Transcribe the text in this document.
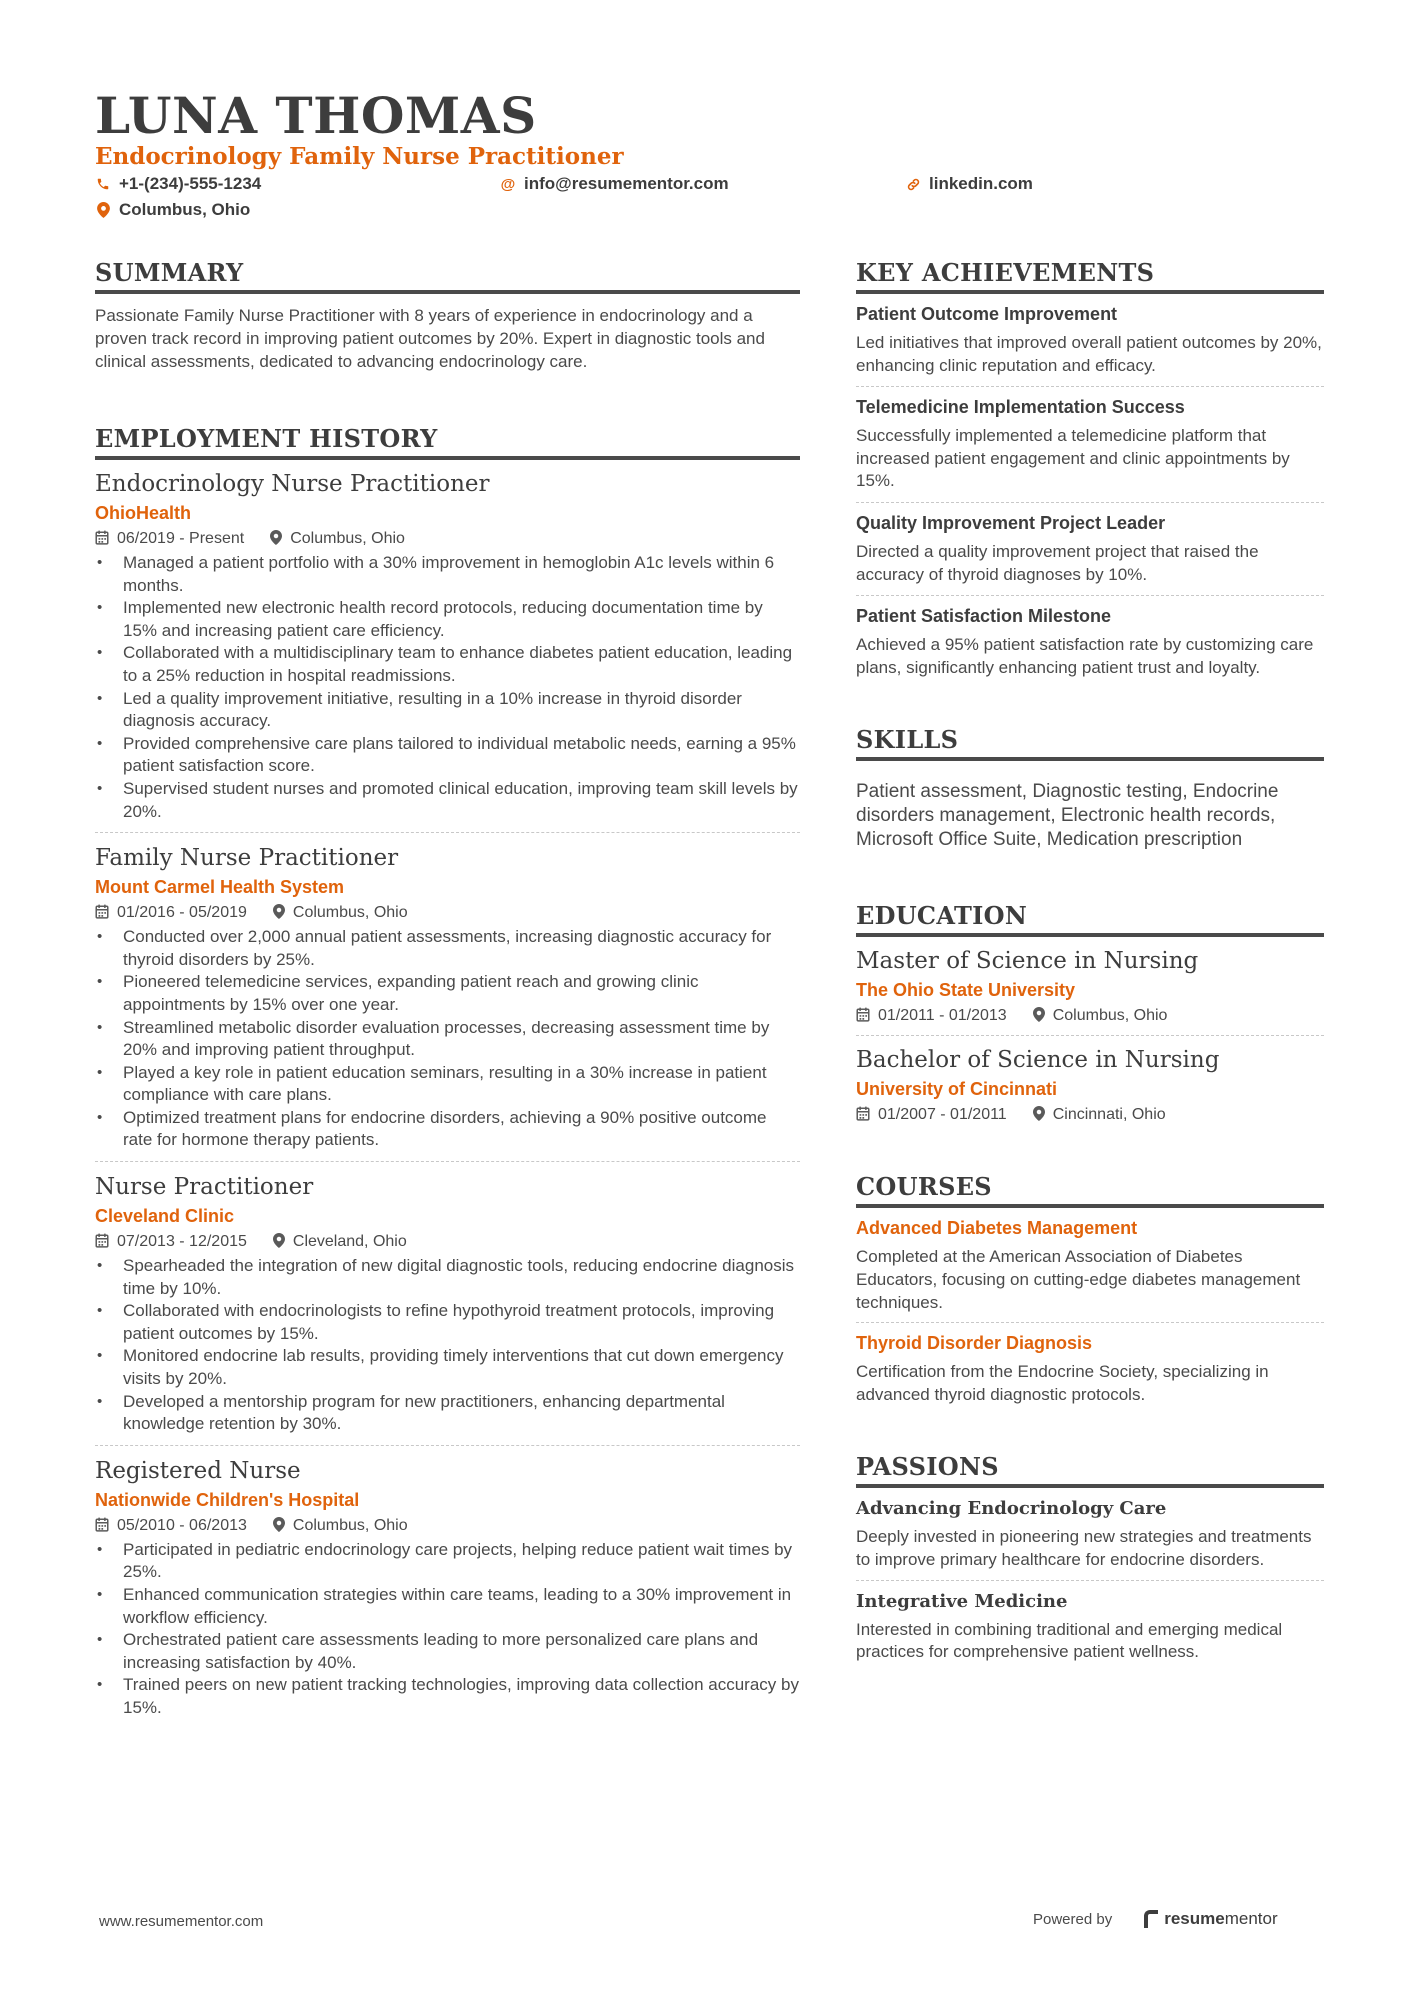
LUNA THOMAS
Endocrinology Family Nurse Practitioner
+1-(234)-555-1234	@ info@resumementor.com	linkedin.com
Columbus, Ohio
SUMMARY
Passionate Family Nurse Practitioner with 8 years of experience in endocrinology and a proven track record in improving patient outcomes by 20%. Expert in diagnostic tools and clinical assessments, dedicated to advancing endocrinology care.
EMPLOYMENT HISTORY
Endocrinology Nurse Practitioner
OhioHealth
06/2019 - Present	Columbus, Ohio
• Managed a patient portfolio with a 30% improvement in hemoglobin A1c levels within 6 months.
• Implemented new electronic health record protocols, reducing documentation time by 15% and increasing patient care efficiency.
• Collaborated with a multidisciplinary team to enhance diabetes patient education, leading to a 25% reduction in hospital readmissions.
• Led a quality improvement initiative, resulting in a 10% increase in thyroid disorder diagnosis accuracy.
• Provided comprehensive care plans tailored to individual metabolic needs, earning a 95% patient satisfaction score.
• Supervised student nurses and promoted clinical education, improving team skill levels by 20%.
Family Nurse Practitioner
Mount Carmel Health System
01/2016 - 05/2019	Columbus, Ohio
• Conducted over 2,000 annual patient assessments, increasing diagnostic accuracy for thyroid disorders by 25%.
• Pioneered telemedicine services, expanding patient reach and growing clinic appointments by 15% over one year.
• Streamlined metabolic disorder evaluation processes, decreasing assessment time by 20% and improving patient throughput.
• Played a key role in patient education seminars, resulting in a 30% increase in patient compliance with care plans.
• Optimized treatment plans for endocrine disorders, achieving a 90% positive outcome rate for hormone therapy patients.
Nurse Practitioner
Cleveland Clinic
07/2013 - 12/2015	Cleveland, Ohio
• Spearheaded the integration of new digital diagnostic tools, reducing endocrine diagnosis time by 10%.
• Collaborated with endocrinologists to refine hypothyroid treatment protocols, improving patient outcomes by 15%.
• Monitored endocrine lab results, providing timely interventions that cut down emergency visits by 20%.
• Developed a mentorship program for new practitioners, enhancing departmental knowledge retention by 30%.
Registered Nurse
Nationwide Children's Hospital
05/2010 - 06/2013	Columbus, Ohio
• Participated in pediatric endocrinology care projects, helping reduce patient wait times by 25%.
• Enhanced communication strategies within care teams, leading to a 30% improvement in workflow efficiency.
• Orchestrated patient care assessments leading to more personalized care plans and increasing satisfaction by 40%.
• Trained peers on new patient tracking technologies, improving data collection accuracy by 15%.
KEY ACHIEVEMENTS
Patient Outcome Improvement
Led initiatives that improved overall patient outcomes by 20%, enhancing clinic reputation and efficacy.
Telemedicine Implementation Success
Successfully implemented a telemedicine platform that increased patient engagement and clinic appointments by 15%.
Quality Improvement Project Leader
Directed a quality improvement project that raised the accuracy of thyroid diagnoses by 10%.
Patient Satisfaction Milestone
Achieved a 95% patient satisfaction rate by customizing care plans, significantly enhancing patient trust and loyalty.
SKILLS
Patient assessment, Diagnostic testing, Endocrine disorders management, Electronic health records, Microsoft Office Suite, Medication prescription
EDUCATION
Master of Science in Nursing
The Ohio State University
01/2011 - 01/2013	Columbus, Ohio
Bachelor of Science in Nursing
University of Cincinnati
01/2007 - 01/2011	Cincinnati, Ohio
COURSES
Advanced Diabetes Management
Completed at the American Association of Diabetes Educators, focusing on cutting-edge diabetes management techniques.
Thyroid Disorder Diagnosis
Certification from the Endocrine Society, specializing in advanced thyroid diagnostic protocols.
PASSIONS
Advancing Endocrinology Care
Deeply invested in pioneering new strategies and treatments to improve primary healthcare for endocrine disorders.
Integrative Medicine
Interested in combining traditional and emerging medical practices for comprehensive patient wellness.
www.resumementor.com	Powered by	resumementor
